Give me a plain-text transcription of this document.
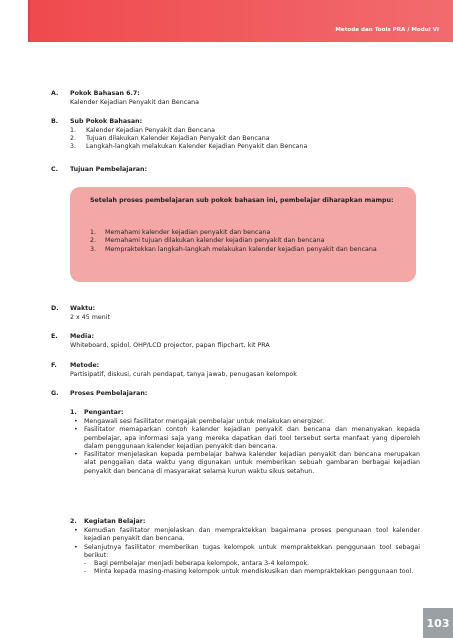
Metode dan Tools PRA / Modul VI
A. Pokok Bahasan 6.7:
Kalender Kejadian Penyakit dan Bencana
B. Sub Pokok Bahasan:
1. Kalender Kejadian Penyakit dan Bencana
2. Tujuan dilakukan Kalender Kejadian Penyakit dan Bencana
3. Langkah-langkah melakukan Kalender Kejadian Penyakit dan Bencana
C. Tujuan Pembelajaran:
Setelah proses pembelajaran sub pokok bahasan ini, pembelajar diharapkan mampu:
1. Memahami kalender kejadian penyakit dan bencana
2. Memahami tujuan dilakukan kalender kejadian penyakit dan bencana
3. Mempraktekkan langkah-langkah melakukan kalender kejadian penyakit dan bencana
D. Waktu:
2 x 45 menit
E. Media:
Whiteboard, spidol, OHP/LCD projector, papan flipchart, kit PRA
F. Metode:
Partisipatif, diskusi, curah pendapat, tanya jawab, penugasan kelompok
G. Proses Pembelajaran:
1. Pengantar:
• Mengawali sesi fasilitator mengajak pembelajar untuk melakukan energizer.
• Fasilitator memaparkan contoh kalender kejadian penyakit dan bencana dan menanyakan kepada pembelajar, apa informasi saja yang mereka dapatkan dari tool tersebut serta manfaat yang diperoleh dalam penggunaan kalender kejadian penyakit dan bencana.
• Fasilitator menjelaskan kepada pembelajar bahwa kalender kejadian penyakit dan bencana merupakan alat penggalian data waktu yang digunakan untuk memberikan sebuah gambaran berbagai kejadian penyakit dan bencana di masyarakat selama kurun waktu sikus setahun.
2. Kegiatan Belajar:
• Kemudian fasilitator menjelaskan dan mempraktekkan bagaimana proses pengunaan tool kalender kejadian penyakit dan bencana.
• Selanjutnya fasilitator memberikan tugas kelompok untuk mempraktekkan penggunaan tool sebagai berikut:
- Bagi pembelajar menjadi beberapa kelompok, antara 3-4 kelompok.
- Minta kepada masing-masing kelompok untuk mendiskusikan dan mempraktekkan penggunaan tool.
103
